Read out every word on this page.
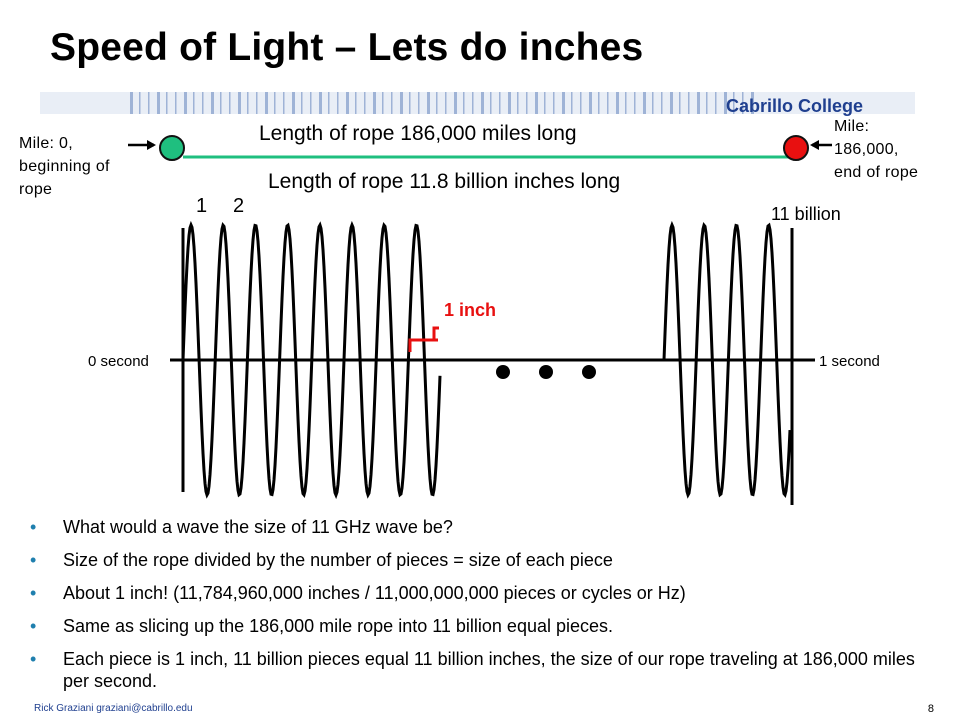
Speed of Light – Lets do inches
Cabrillo College
Mile: 0,
beginning of
rope
Mile:
186,000,
end of rope
Length of rope 186,000 miles long
Length of rope 11.8 billion inches long
1 2	11 billion
0 second	1 second
1 inch
• What would a wave the size of 11 GHz wave be?
• Size of the rope divided by the number of pieces = size of each piece
• About 1 inch! (11,784,960,000 inches / 11,000,000,000 pieces or cycles or Hz)
• Same as slicing up the 186,000 mile rope into 11 billion equal pieces.
• Each piece is 1 inch, 11 billion pieces equal 11 billion inches, the size of our rope traveling at 186,000 miles per second.
Rick Graziani graziani@cabrillo.edu	8
